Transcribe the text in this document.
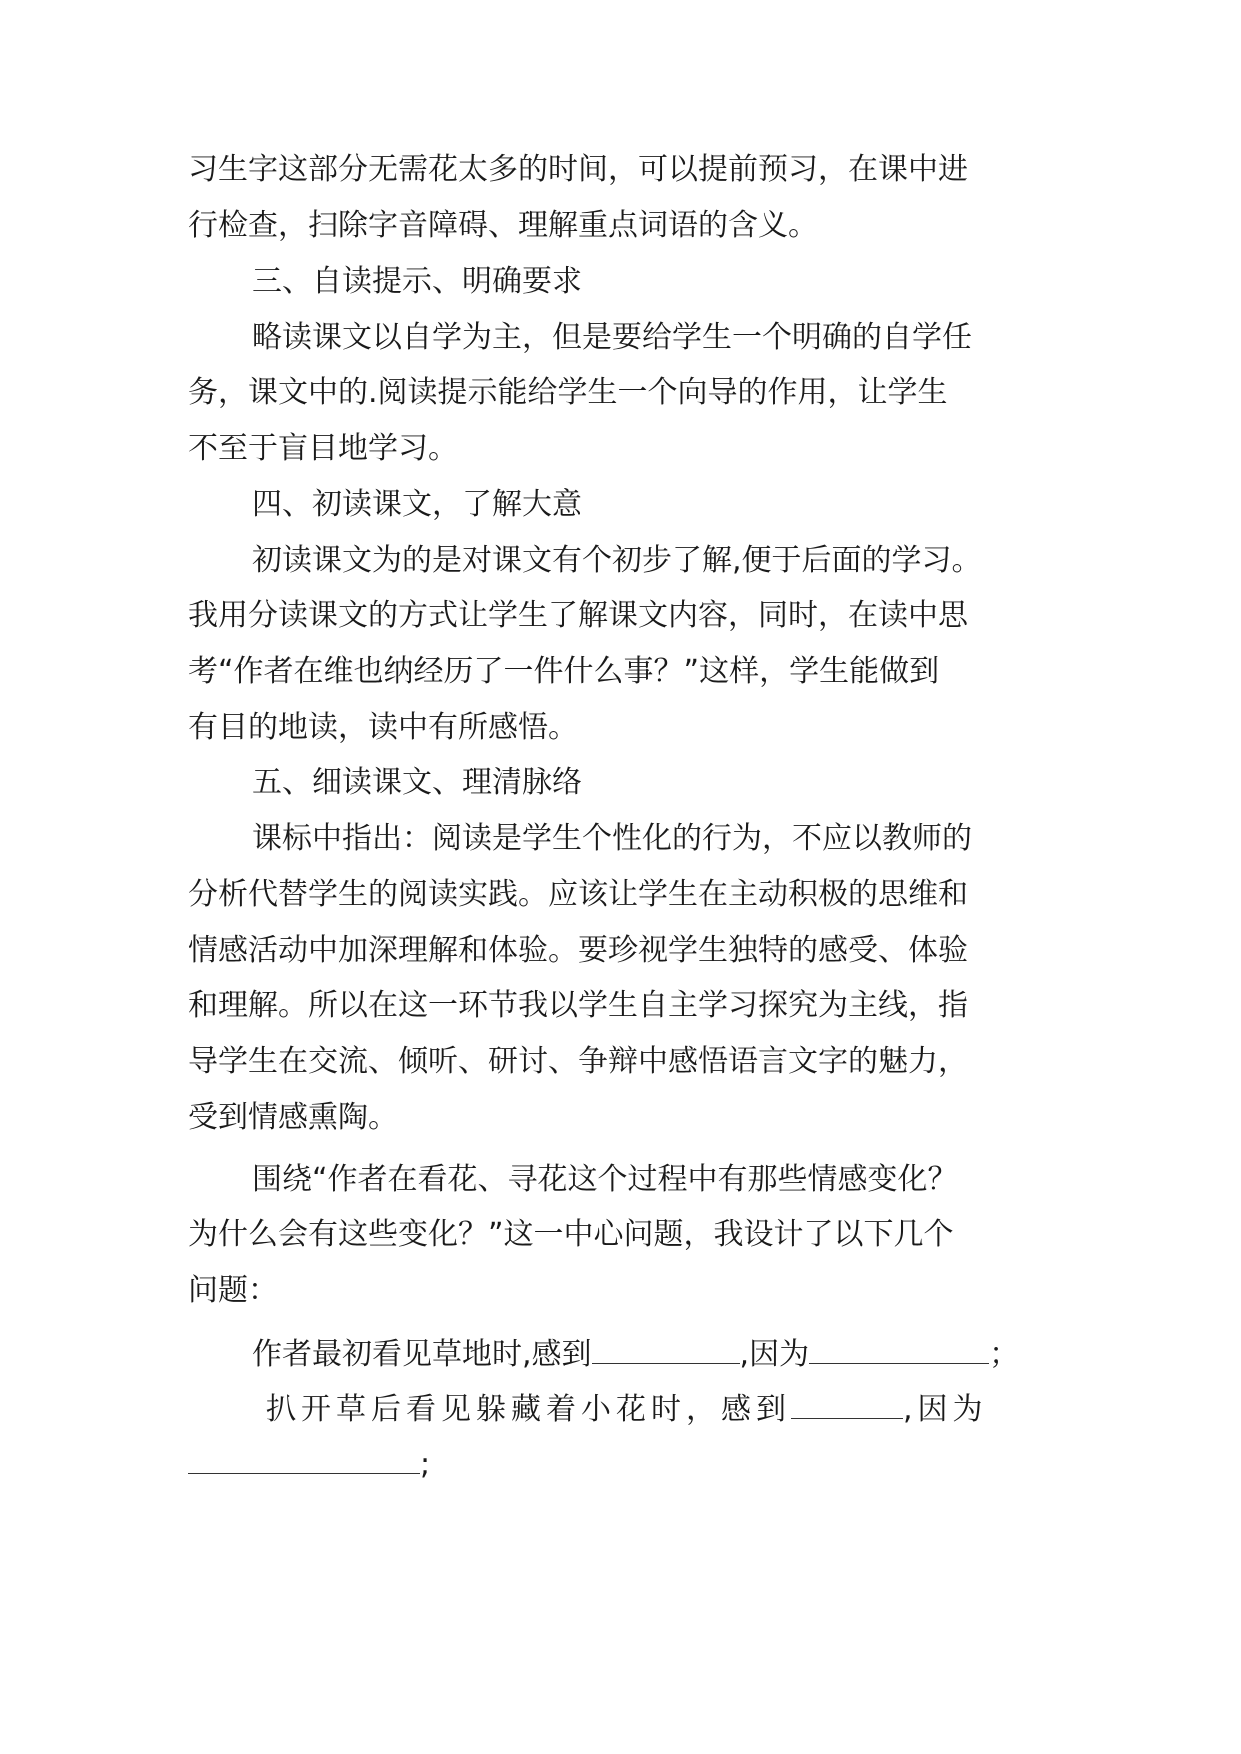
习生字这部分无需花太多的时间，可以提前预习，在课中进
行检查，扫除字音障碍、理解重点词语的含义。
三、自读提示、明确要求
略读课文以自学为主，但是要给学生一个明确的自学任
务，课文中的.阅读提示能给学生一个向导的作用，让学生
不至于盲目地学习。
四、初读课文，了解大意
初读课文为的是对课文有个初步了解,便于后面的学习。
我用分读课文的方式让学生了解课文内容，同时，在读中思
考“作者在维也纳经历了一件什么事？”这样，学生能做到
有目的地读，读中有所感悟。
五、细读课文、理清脉络
课标中指出：阅读是学生个性化的行为，不应以教师的
分析代替学生的阅读实践。应该让学生在主动积极的思维和
情感活动中加深理解和体验。要珍视学生独特的感受、体验
和理解。所以在这一环节我以学生自主学习探究为主线，指
导学生在交流、倾听、研讨、争辩中感悟语言文字的魅力，
受到情感熏陶。
围绕“作者在看花、寻花这个过程中有那些情感变化？
为什么会有这些变化？”这一中心问题，我设计了以下几个
问题：
作者最初看见草地时,感到	,因为	；
扒开草后看见躲藏着小花时，感到	,因为
;
